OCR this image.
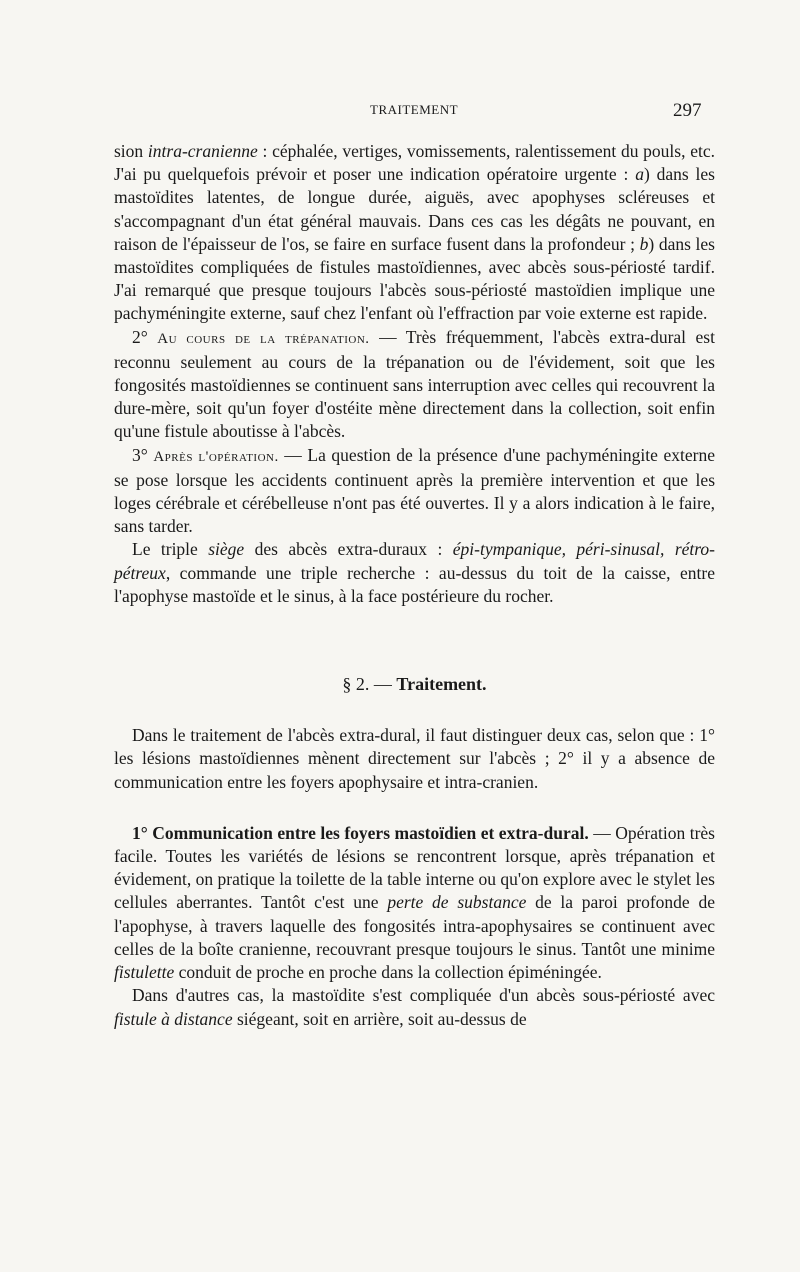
TRAITEMENT	297

sion intra-cranienne : céphalée, vertiges, vomissements, ralentissement du pouls, etc. J'ai pu quelquefois prévoir et poser une indication opératoire urgente : a) dans les mastoïdites latentes, de longue durée, aiguës, avec apophyses scléreuses et s'accompagnant d'un état général mauvais. Dans ces cas les dégâts ne pouvant, en raison de l'épaisseur de l'os, se faire en surface fusent dans la profondeur ; b) dans les mastoïdites compliquées de fistules mastoïdiennes, avec abcès sous-périosté tardif. J'ai remarqué que presque toujours l'abcès sous-périosté mastoïdien implique une pachyméningite externe, sauf chez l'enfant où l'effraction par voie externe est rapide.

2° Au cours de la trépanation. — Très fréquemment, l'abcès extra-dural est reconnu seulement au cours de la trépanation ou de l'évidement, soit que les fongosités mastoïdiennes se continuent sans interruption avec celles qui recouvrent la dure-mère, soit qu'un foyer d'ostéite mène directement dans la collection, soit enfin qu'une fistule aboutisse à l'abcès.

3° Après l'opération. — La question de la présence d'une pachyméningite externe se pose lorsque les accidents continuent après la première intervention et que les loges cérébrale et cérébelleuse n'ont pas été ouvertes. Il y a alors indication à le faire, sans tarder.

Le triple siège des abcès extra-duraux : épi-tympanique, péri-sinusal, rétro-pétreux, commande une triple recherche : au-dessus du toit de la caisse, entre l'apophyse mastoïde et le sinus, à la face postérieure du rocher.

§ 2. — Traitement.

Dans le traitement de l'abcès extra-dural, il faut distinguer deux cas, selon que : 1° les lésions mastoïdiennes mènent directement sur l'abcès ; 2° il y a absence de communication entre les foyers apophysaire et intra-cranien.

1° Communication entre les foyers mastoïdien et extra-dural. — Opération très facile. Toutes les variétés de lésions se rencontrent lorsque, après trépanation et évidement, on pratique la toilette de la table interne ou qu'on explore avec le stylet les cellules aberrantes. Tantôt c'est une perte de substance de la paroi profonde de l'apophyse, à travers laquelle des fongosités intra-apophysaires se continuent avec celles de la boîte cranienne, recouvrant presque toujours le sinus. Tantôt une minime fistulette conduit de proche en proche dans la collection épiméningée.

Dans d'autres cas, la mastoïdite s'est compliquée d'un abcès sous-périosté avec fistule à distance siégeant, soit en arrière, soit au-dessus de
